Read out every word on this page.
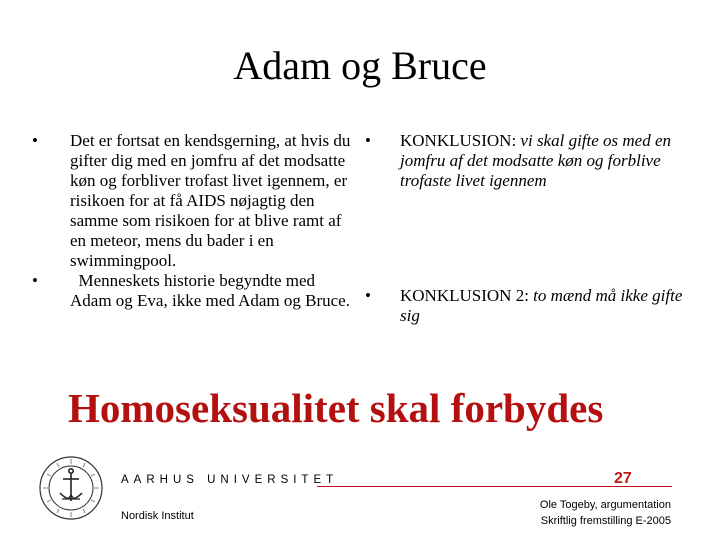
Adam og Bruce
•	Det er fortsat en kendsgerning, at hvis du gifter dig med en jomfru af det modsatte køn og forbliver trofast livet igennem, er risikoen for at få AIDS nøjagtig den samme som risikoen for at blive ramt af en meteor, mens du bader i en swimmingpool.
•	Menneskets historie begyndte med Adam og Eva, ikke med Adam og Bruce.
•	KONKLUSION: vi skal gifte os med en jomfru af det modsatte køn og forblive trofaste livet igennem
•	KONKLUSION 2: to mænd må ikke gifte sig
Homoseksualitet skal forbydes
AARHUS UNIVERSITET	27
Nordisk Institut
Ole Togeby, argumentation
Skriftlig fremstilling E-2005
